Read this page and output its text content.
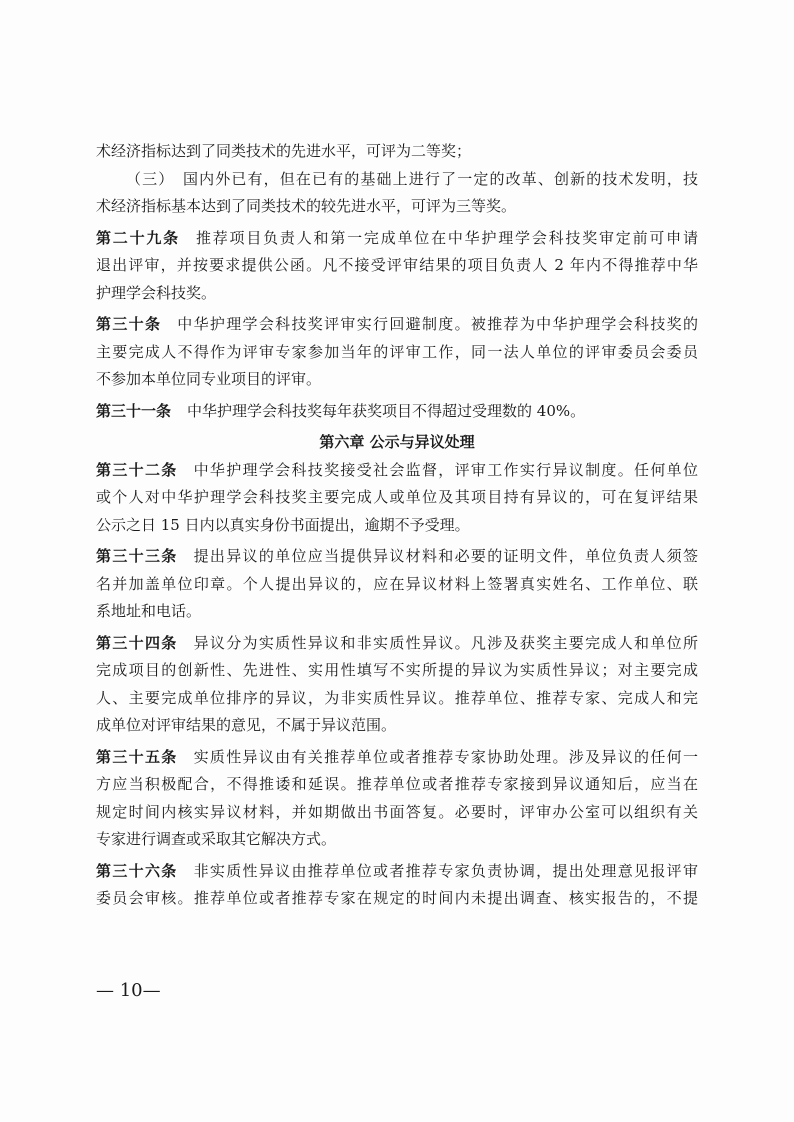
术经济指标达到了同类技术的先进水平，可评为二等奖；
（三）　国内外已有，但在已有的基础上进行了一定的改革、创新的技术发明，技
术经济指标基本达到了同类技术的较先进水平，可评为三等奖。
第二十九条 推荐项目负责人和第一完成单位在中华护理学会科技奖审定前可申请
退出评审，并按要求提供公函。凡不接受评审结果的项目负责人 2 年内不得推荐中华
护理学会科技奖。
第三十条 中华护理学会科技奖评审实行回避制度。被推荐为中华护理学会科技奖的
主要完成人不得作为评审专家参加当年的评审工作，同一法人单位的评审委员会委员
不参加本单位同专业项目的评审。
第三十一条 中华护理学会科技奖每年获奖项目不得超过受理数的 40%。
第六章 公示与异议处理
第三十二条 中华护理学会科技奖接受社会监督，评审工作实行异议制度。任何单位
或个人对中华护理学会科技奖主要完成人或单位及其项目持有异议的，可在复评结果
公示之日 15 日内以真实身份书面提出，逾期不予受理。
第三十三条 提出异议的单位应当提供异议材料和必要的证明文件，单位负责人须签
名并加盖单位印章。个人提出异议的，应在异议材料上签署真实姓名、工作单位、联
系地址和电话。
第三十四条 异议分为实质性异议和非实质性异议。凡涉及获奖主要完成人和单位所
完成项目的创新性、先进性、实用性填写不实所提的异议为实质性异议；对主要完成
人、主要完成单位排序的异议，为非实质性异议。推荐单位、推荐专家、完成人和完
成单位对评审结果的意见，不属于异议范围。
第三十五条 实质性异议由有关推荐单位或者推荐专家协助处理。涉及异议的任何一
方应当积极配合，不得推诿和延误。推荐单位或者推荐专家接到异议通知后，应当在
规定时间内核实异议材料，并如期做出书面答复。必要时，评审办公室可以组织有关
专家进行调查或采取其它解决方式。
第三十六条 非实质性异议由推荐单位或者推荐专家负责协调，提出处理意见报评审
委员会审核。推荐单位或者推荐专家在规定的时间内未提出调查、核实报告的，不提
— 10—
